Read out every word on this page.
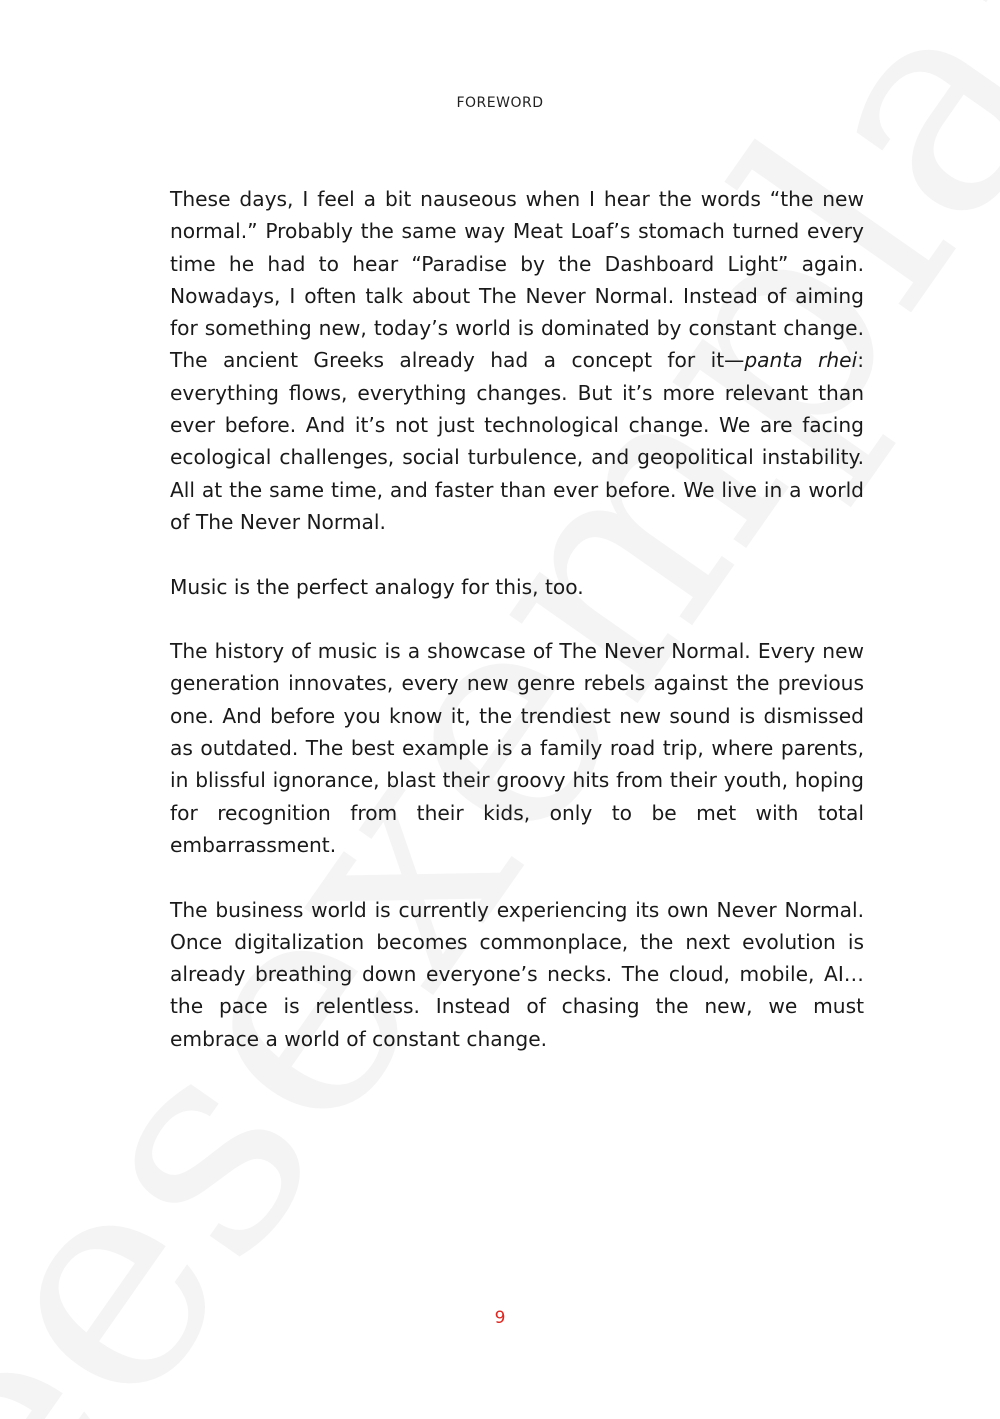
FOREWORD

These days, I feel a bit nauseous when I hear the words “the new normal.” Probably the same way Meat Loaf’s stomach turned every time he had to hear “Paradise by the Dashboard Light” again. Nowadays, I often talk about The Never Normal. Instead of aiming for something new, today’s world is dominated by constant change. The ancient Greeks already had a concept for it—panta rhei: everything flows, everything changes. But it’s more relevant than ever before. And it’s not just technological change. We are facing ecological challenges, social turbulence, and geopolitical instability. All at the same time, and faster than ever before. We live in a world of The Never Normal.

Music is the perfect analogy for this, too.

The history of music is a showcase of The Never Normal. Every new generation innovates, every new genre rebels against the previous one. And before you know it, the trendiest new sound is dismissed as outdated. The best example is a family road trip, where parents, in blissful ignorance, blast their groovy hits from their youth, hoping for recognition from their kids, only to be met with total embarrassment.

The business world is currently experiencing its own Never Normal. Once digitalization becomes commonplace, the next evolution is already breathing down everyone’s necks. The cloud, mobile, AI… the pace is relentless. Instead of chasing the new, we must embrace a world of constant change.

9
